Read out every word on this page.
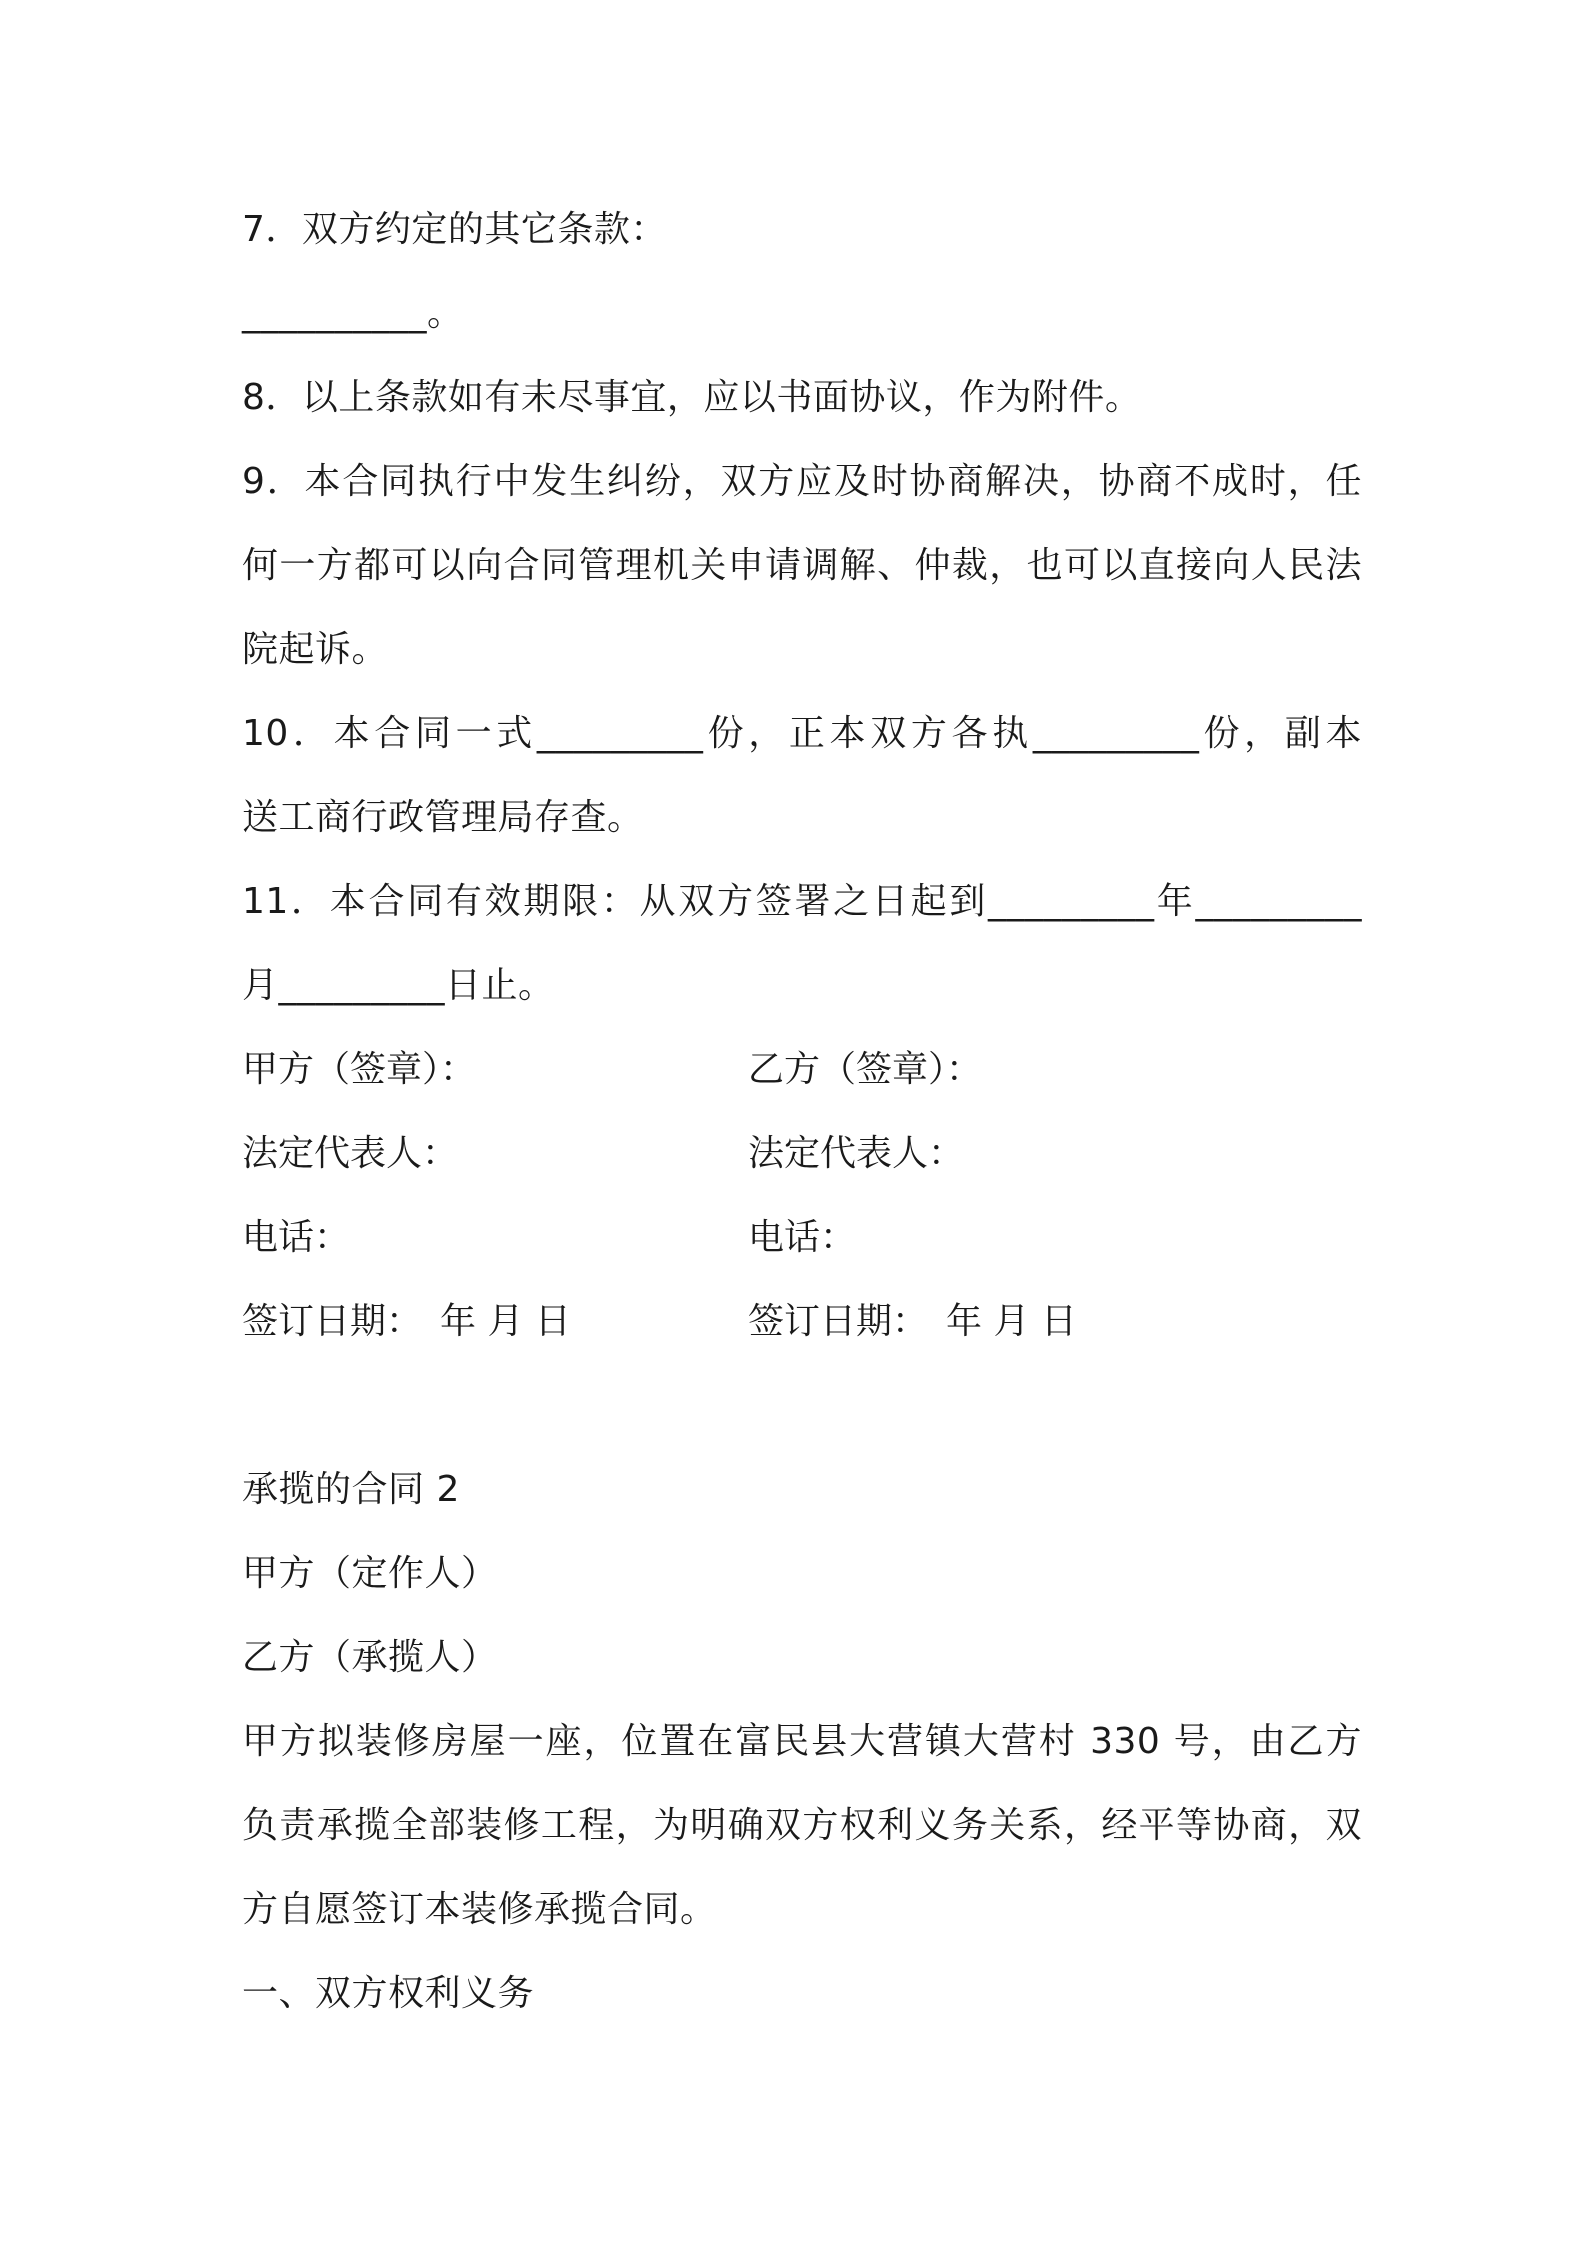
7．双方约定的其它条款：
__________。
8．以上条款如有未尽事宜，应以书面协议，作为附件。
9．本合同执行中发生纠纷，双方应及时协商解决，协商不成时，任
何一方都可以向合同管理机关申请调解、仲裁，也可以直接向人民法
院起诉。
10．本合同一式_________份，正本双方各执_________份，副本
送工商行政管理局存查。
11．本合同有效期限：从双方签署之日起到_________年_________
月_________日止。
甲方（签章）：	乙方（签章）：
法定代表人：	法定代表人：
电话：	电话：
签订日期：　年 月 日	签订日期：　年 月 日
承揽的合同 2
甲方（定作人）
乙方（承揽人）
甲方拟装修房屋一座，位置在富民县大营镇大营村 330 号，由乙方
负责承揽全部装修工程，为明确双方权利义务关系，经平等协商，双
方自愿签订本装修承揽合同。
一、双方权利义务
